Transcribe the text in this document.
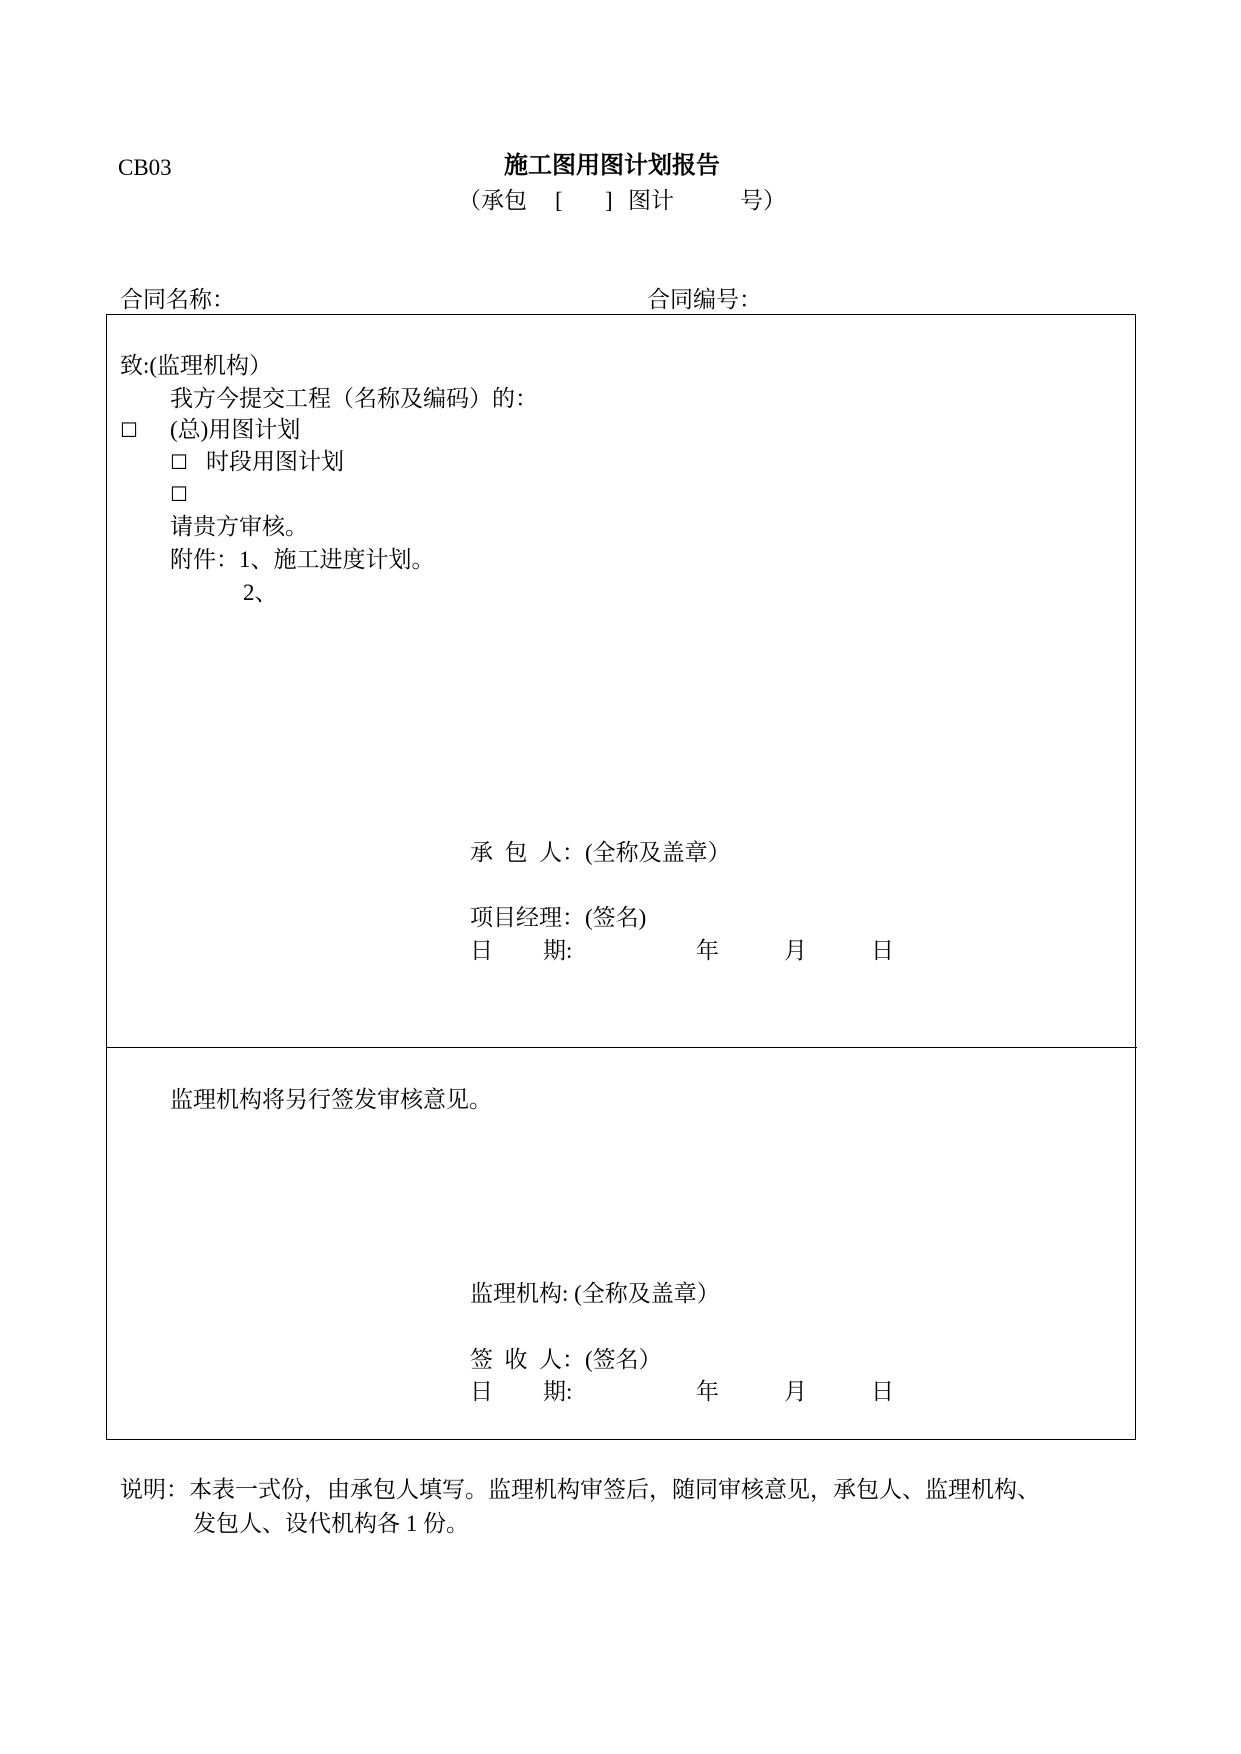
CB03	施工图用图计划报告
（承包 [ ] 图计	号）
合同名称：	合同编号：
致:(监理机构）
我方今提交工程（名称及编码）的：
☐ (总)用图计划
☐ 时段用图计划
☐
请贵方审核。
附件：1、施工进度计划。
2、
承  包  人：(全称及盖章）
项目经理：(签名)
日 期:	年	月	日
监理机构将另行签发审核意见。
监理机构: (全称及盖章）
签  收  人：(签名）
日 期:	年	月	日
说明：本表一式份，由承包人填写。监理机构审签后，随同审核意见，承包人、监理机构、
发包人、设代机构各 1 份。
